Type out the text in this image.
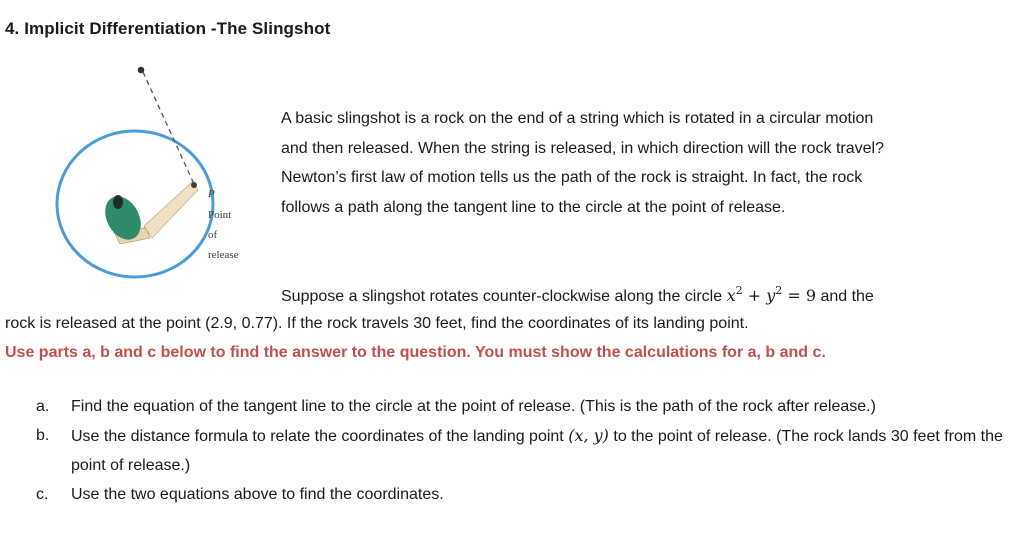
4. Implicit Differentiation -The Slingshot
P
Point
of
release

A basic slingshot is a rock on the end of a string which is rotated in a circular motion

and then released. When the string is released, in which direction will the rock travel?

Newton’s first law of motion tells us the path of the rock is straight. In fact, the rock

follows a path along the tangent line to the circle at the point of release.

Suppose a slingshot rotates counter-clockwise along the circle $x^2 + y^2 = 9$ and the
rock is released at the point (2.9, 0.77). If the rock travels 30 feet, find the coordinates of its landing point.
Use parts a, b and c below to find the answer to the question. You must show the calculations for a, b and c.
a.	Find the equation of the tangent line to the circle at the point of release. (This is the path of the rock after release.)
b.	Use the distance formula to relate the coordinates of the landing point (x, y) to the point of release. (The rock lands 30 feet from the point of release.)
c.	Use the two equations above to find the coordinates.
